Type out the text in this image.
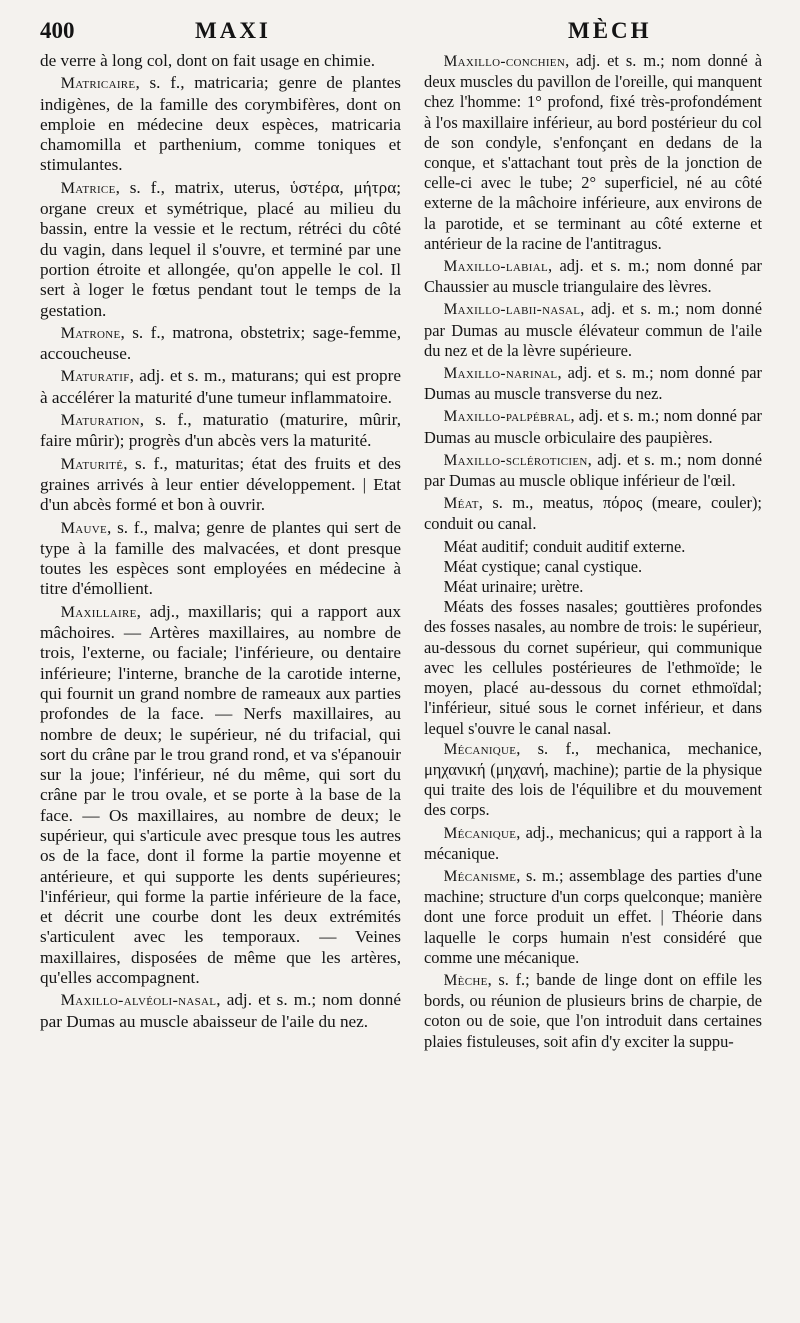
400	MAXI	MÈCH

de verre à long col, dont on fait usage en chimie.

Matricaire, s. f., matricaria; genre de plantes indigènes, de la famille des corymbifères, dont on emploie en médecine deux espèces, matricaria chamomilla et parthenium, comme toniques et stimulantes.

Matrice, s. f., matrix, uterus, ὑστέρα, μήτρα; organe creux et symétrique, placé au milieu du bassin, entre la vessie et le rectum, rétréci du côté du vagin, dans lequel il s'ouvre, et terminé par une portion étroite et allongée, qu'on appelle le col. Il sert à loger le fœtus pendant tout le temps de la gestation.

Matrone, s. f., matrona, obstetrix; sage-femme, accoucheuse.

Maturatif, adj. et s. m., maturans; qui est propre à accélérer la maturité d'une tumeur inflammatoire.

Maturation, s. f., maturatio (maturire, mûrir, faire mûrir); progrès d'un abcès vers la maturité.

Maturité, s. f., maturitas; état des fruits et des graines arrivés à leur entier développement. | Etat d'un abcès formé et bon à ouvrir.

Mauve, s. f., malva; genre de plantes qui sert de type à la famille des malvacées, et dont presque toutes les espèces sont employées en médecine à titre d'émollient.

Maxillaire, adj., maxillaris; qui a rapport aux mâchoires. — Artères maxillaires, au nombre de trois, l'externe, ou faciale; l'inférieure, ou dentaire inférieure; l'interne, branche de la carotide interne, qui fournit un grand nombre de rameaux aux parties profondes de la face. — Nerfs maxillaires, au nombre de deux; le supérieur, né du trifacial, qui sort du crâne par le trou grand rond, et va s'épanouir sur la joue; l'inférieur, né du même, qui sort du crâne par le trou ovale, et se porte à la base de la face. — Os maxillaires, au nombre de deux; le supérieur, qui s'articule avec presque tous les autres os de la face, dont il forme la partie moyenne et antérieure, et qui supporte les dents supérieures; l'inférieur, qui forme la partie inférieure de la face, et décrit une courbe dont les deux extrémités s'articulent avec les temporaux. — Veines maxillaires, disposées de même que les artères, qu'elles accompagnent.

Maxillo-alvéoli-nasal, adj. et s. m.; nom donné par Dumas au muscle abaisseur de l'aile du nez.

Maxillo-conchien, adj. et s. m.; nom donné à deux muscles du pavillon de l'oreille, qui manquent chez l'homme: 1° profond, fixé très-profondément à l'os maxillaire inférieur, au bord postérieur du col de son condyle, s'enfonçant en dedans de la conque, et s'attachant tout près de la jonction de celle-ci avec le tube; 2° superficiel, né au côté externe de la mâchoire inférieure, aux environs de la parotide, et se terminant au côté externe et antérieur de la racine de l'antitragus.

Maxillo-labial, adj. et s. m.; nom donné par Chaussier au muscle triangulaire des lèvres.

Maxillo-labii-nasal, adj. et s. m.; nom donné par Dumas au muscle élévateur commun de l'aile du nez et de la lèvre supérieure.

Maxillo-narinal, adj. et s. m.; nom donné par Dumas au muscle transverse du nez.

Maxillo-palpébral, adj. et s. m.; nom donné par Dumas au muscle orbiculaire des paupières.

Maxillo-scléroticien, adj. et s. m.; nom donné par Dumas au muscle oblique inférieur de l'œil.

Méat, s. m., meatus, πόρος (meare, couler); conduit ou canal.

Méat auditif; conduit auditif externe.

Méat cystique; canal cystique.

Méat urinaire; urètre.

Méats des fosses nasales; gouttières profondes des fosses nasales, au nombre de trois: le supérieur, au-dessous du cornet supérieur, qui communique avec les cellules postérieures de l'ethmoïde; le moyen, placé au-dessous du cornet ethmoïdal; l'inférieur, situé sous le cornet inférieur, et dans lequel s'ouvre le canal nasal.

Mécanique, s. f., mechanica, mechanice, μηχανική (μηχανή, machine); partie de la physique qui traite des lois de l'équilibre et du mouvement des corps.

Mécanique, adj., mechanicus; qui a rapport à la mécanique.

Mécanisme, s. m.; assemblage des parties d'une machine; structure d'un corps quelconque; manière dont une force produit un effet. | Théorie dans laquelle le corps humain n'est considéré que comme une mécanique.

Mèche, s. f.; bande de linge dont on effile les bords, ou réunion de plusieurs brins de charpie, de coton ou de soie, que l'on introduit dans certaines plaies fistuleuses, soit afin d'y exciter la suppu-
